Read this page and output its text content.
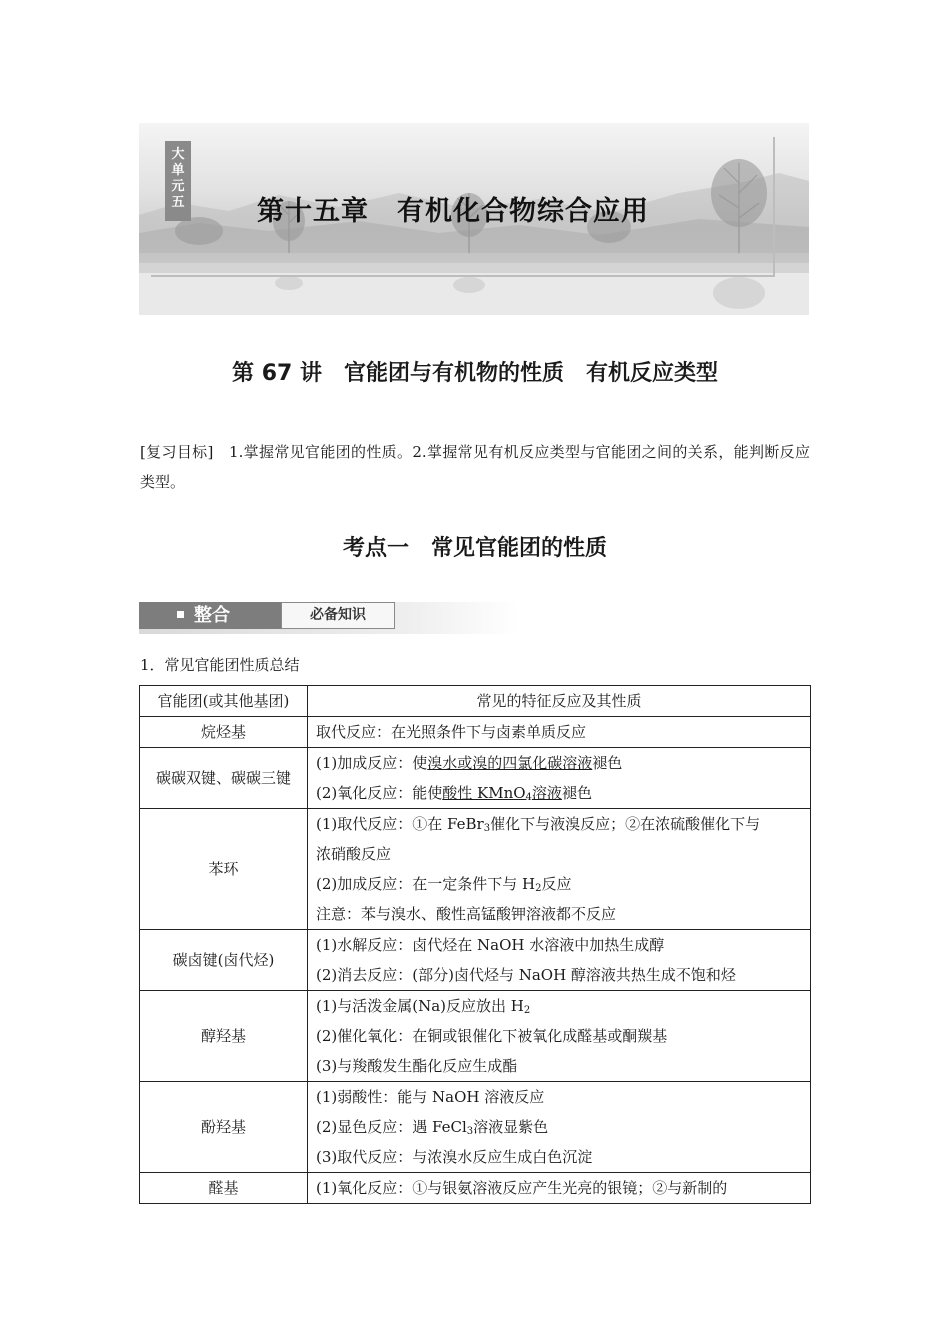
大
单
元
五	第十五章　有机化合物综合应用
第 67 讲　官能团与有机物的性质　有机反应类型
[复习目标]　1.掌握常见官能团的性质。2.掌握常见有机反应类型与官能团之间的关系，能判断反应类型。
考点一　常见官能团的性质
整合	必备知识
1．常见官能团性质总结
官能团(或其他基团)	常见的特征反应及其性质
烷烃基	取代反应：在光照条件下与卤素单质反应

碳碳双键、碳碳三键	(1)加成反应：使溴水或溴的四氯化碳溶液褪色
(2)氧化反应：能使酸性 KMnO$_4$溶液褪色

苯环	(1)取代反应：①在 FeBr$_3$催化下与液溴反应；②在浓硫酸催化下与
浓硝酸反应
(2)加成反应：在一定条件下与 $H_2$反应
注意：苯与溴水、酸性高锰酸钾溶液都不反应

碳卤键(卤代烃)	(1)水解反应：卤代烃在 NaOH 水溶液中加热生成醇
(2)消去反应：(部分)卤代烃与 NaOH 醇溶液共热生成不饱和烃

醇羟基	(1)与活泼金属(Na)反应放出 $H_2$
(2)催化氧化：在铜或银催化下被氧化成醛基或酮羰基
(3)与羧酸发生酯化反应生成酯

酚羟基	(1)弱酸性：能与 NaOH 溶液反应
(2)显色反应：遇 FeCl$_3$溶液显紫色
(3)取代反应：与浓溴水反应生成白色沉淀

醛基	(1)氧化反应：①与银氨溶液反应产生光亮的银镜；②与新制的
